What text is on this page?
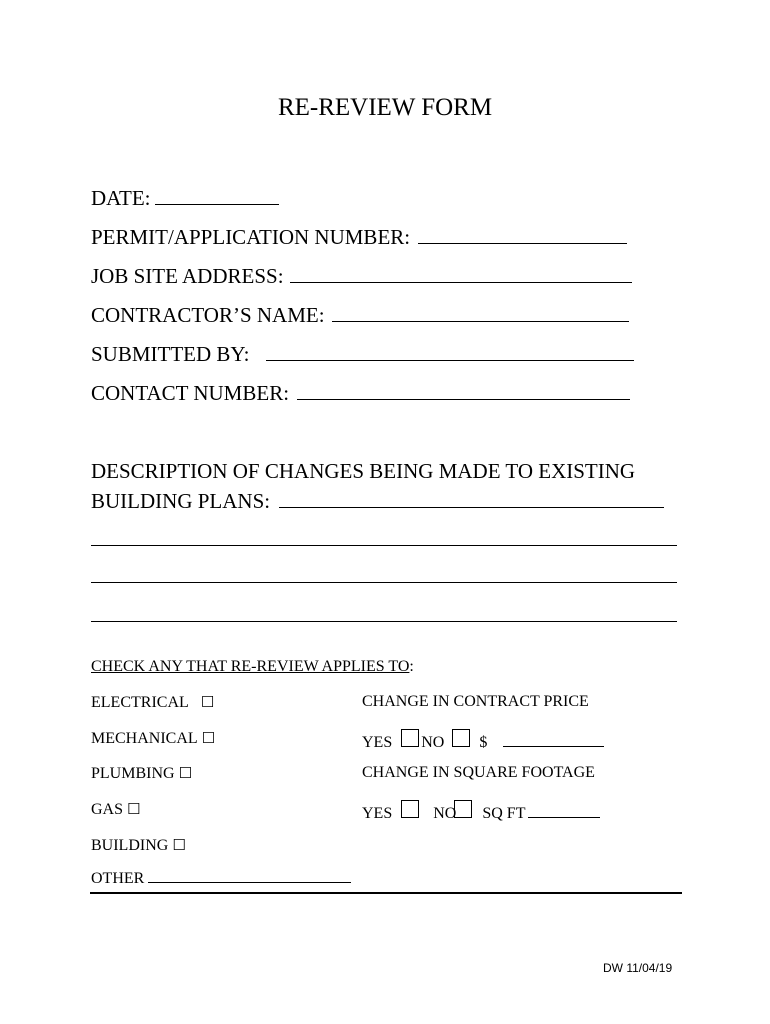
RE-REVIEW FORM
DATE:
PERMIT/APPLICATION NUMBER:
JOB SITE ADDRESS:
CONTRACTOR’S NAME:
SUBMITTED BY:
CONTACT NUMBER:
DESCRIPTION OF CHANGES BEING MADE TO EXISTING
BUILDING PLANS:
CHECK ANY THAT RE-REVIEW APPLIES TO:
ELECTRICAL ☐
MECHANICAL ☐
PLUMBING ☐
GAS ☐
BUILDING ☐
OTHER
CHANGE IN CONTRACT PRICE
YES NO $
CHANGE IN SQUARE FOOTAGE
YES	NO SQ FT
DW 11/04/19
